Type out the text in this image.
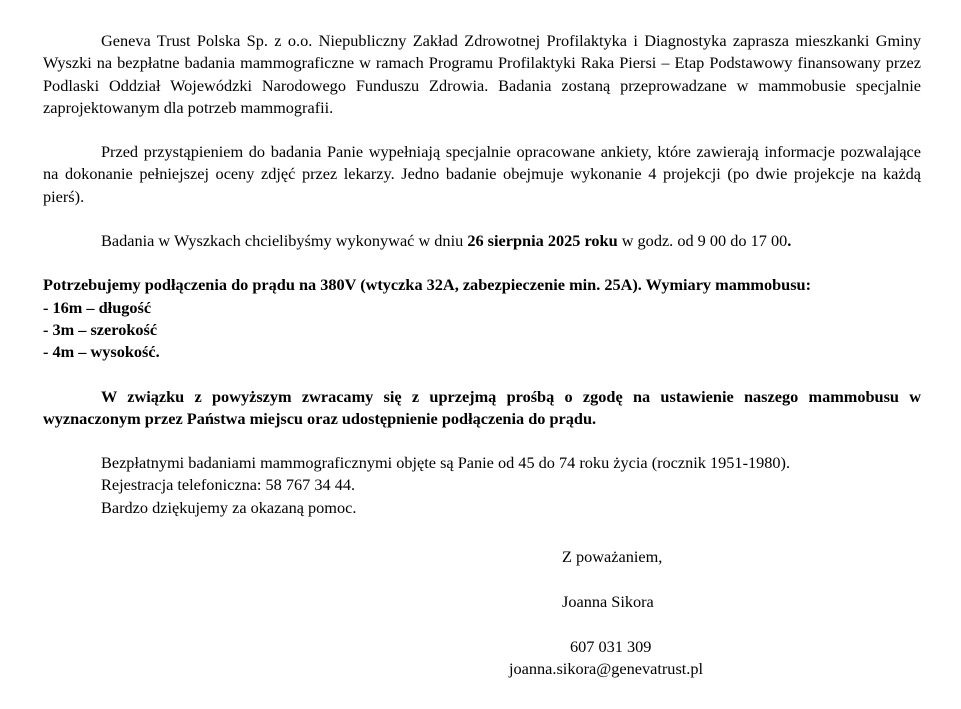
Geneva Trust Polska Sp. z o.o. Niepubliczny Zakład Zdrowotnej Profilaktyka i Diagnostyka zaprasza mieszkanki Gminy Wyszki na bezpłatne badania mammograficzne w ramach Programu Profilaktyki Raka Piersi – Etap Podstawowy finansowany przez Podlaski Oddział Wojewódzki Narodowego Funduszu Zdrowia. Badania zostaną przeprowadzane w mammobusie specjalnie zaprojektowanym dla potrzeb mammografii.

Przed przystąpieniem do badania Panie wypełniają specjalnie opracowane ankiety, które zawierają informacje pozwalające na dokonanie pełniejszej oceny zdjęć przez lekarzy. Jedno badanie obejmuje wykonanie 4 projekcji (po dwie projekcje na każdą pierś).

Badania w Wyszkach chcielibyśmy wykonywać w dniu 26 sierpnia 2025 roku w godz. od 9 00 do 17 00.

Potrzebujemy podłączenia do prądu na 380V (wtyczka 32A, zabezpieczenie min. 25A). Wymiary mammobusu:

- 16m – długość

- 3m – szerokość

- 4m – wysokość.

W związku z powyższym zwracamy się z uprzejmą prośbą o zgodę na ustawienie naszego mammobusu w wyznaczonym przez Państwa miejscu oraz udostępnienie podłączenia do prądu.

Bezpłatnymi badaniami mammograficznymi objęte są Panie od 45 do 74 roku życia (rocznik 1951-1980).

Rejestracja telefoniczna: 58 767 34 44.

Bardzo dziękujemy za okazaną pomoc.

Z poważaniem,
Joanna Sikora
607 031 309
joanna.sikora@genevatrust.pl
